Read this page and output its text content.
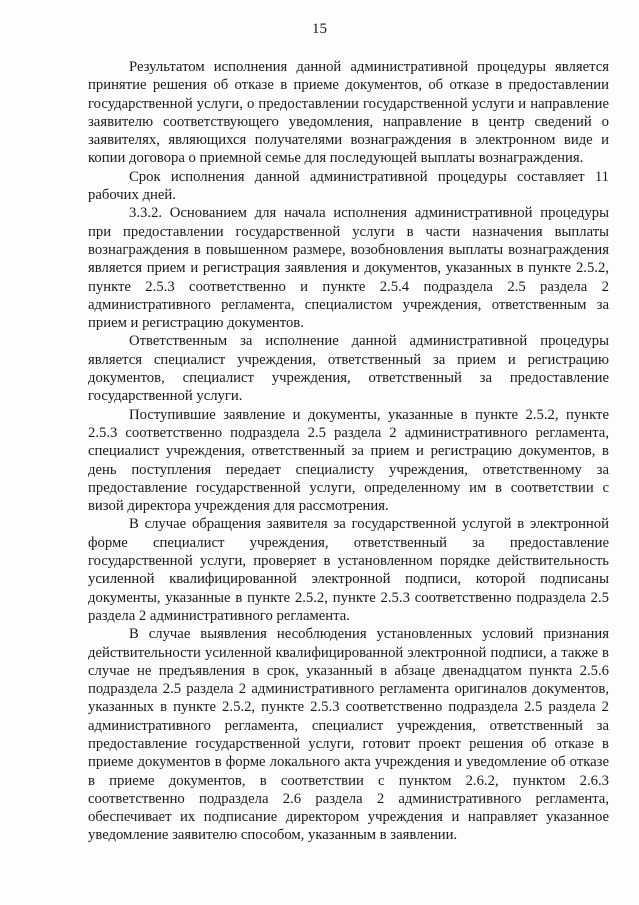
15

Результатом исполнения данной административной процедуры является принятие решения об отказе в приеме документов, об отказе в предоставлении государственной услуги, о предоставлении государственной услуги и направление заявителю соответствующего уведомления, направление в центр сведений о заявителях, являющихся получателями вознаграждения в электронном виде и копии договора о приемной семье для последующей выплаты вознаграждения.

Срок исполнения данной административной процедуры составляет 11 рабочих дней.

3.3.2. Основанием для начала исполнения административной процедуры при предоставлении государственной услуги в части назначения выплаты вознаграждения в повышенном размере, возобновления выплаты вознаграждения является прием и регистрация заявления и документов, указанных в пункте 2.5.2, пункте 2.5.3 соответственно и пункте 2.5.4 подраздела 2.5 раздела 2 административного регламента, специалистом учреждения, ответственным за прием и регистрацию документов.

Ответственным за исполнение данной административной процедуры является специалист учреждения, ответственный за прием и регистрацию документов, специалист учреждения, ответственный за предоставление государственной услуги.

Поступившие заявление и документы, указанные в пункте 2.5.2, пункте 2.5.3 соответственно подраздела 2.5 раздела 2 административного регламента, специалист учреждения, ответственный за прием и регистрацию документов, в день поступления передает специалисту учреждения, ответственному за предоставление государственной услуги, определенному им в соответствии с визой директора учреждения для рассмотрения.

В случае обращения заявителя за государственной услугой в электронной форме специалист учреждения, ответственный за предоставление государственной услуги, проверяет в установленном порядке действительность усиленной квалифицированной электронной подписи, которой подписаны документы, указанные в пункте 2.5.2, пункте 2.5.3 соответственно подраздела 2.5 раздела 2 административного регламента.

В случае выявления несоблюдения установленных условий признания действительности усиленной квалифицированной электронной подписи, а также в случае не предъявления в срок, указанный в абзаце двенадцатом пункта 2.5.6 подраздела 2.5 раздела 2 административного регламента оригиналов документов, указанных в пункте 2.5.2, пункте 2.5.3 соответственно подраздела 2.5 раздела 2 административного регламента, специалист учреждения, ответственный за предоставление государственной услуги, готовит проект решения об отказе в приеме документов в форме локального акта учреждения и уведомление об отказе в приеме документов, в соответствии с пунктом 2.6.2, пунктом 2.6.3 соответственно подраздела 2.6 раздела 2 административного регламента, обеспечивает их подписание директором учреждения и направляет указанное уведомление заявителю способом, указанным в заявлении.
